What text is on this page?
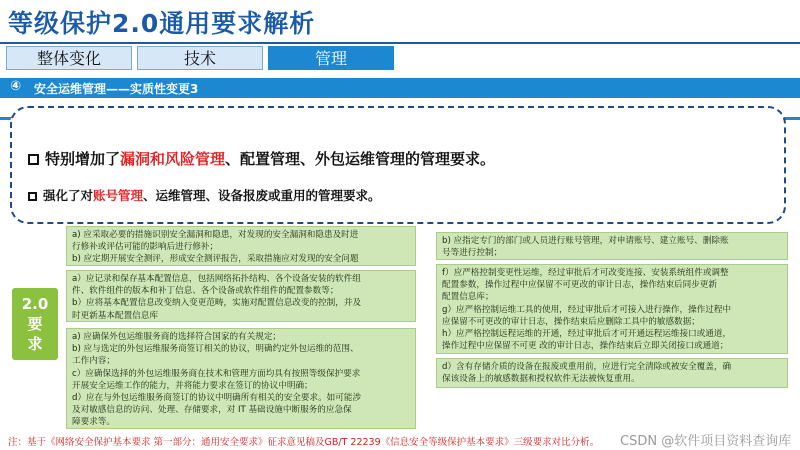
等级保护2.0通用要求解析
整体变化	技术	管理
④ 安全运维管理——实质性变更3
特别增加了漏洞和风险管理、配置管理、外包运维管理的管理要求。
强化了对账号管理、运维管理、设备报废或重用的管理要求。
2.0
要
求

a) 应采取必要的措施识别安全漏洞和隐患，对发现的安全漏洞和隐患及时进

行修补或评估可能的影响后进行修补；

b) 应定期开展安全测评，形成安全测评报告，采取措施应对发现的安全问题

a）应记录和保存基本配置信息，包括网络拓扑结构、各个设备安装的软件组

件、软件组件的版本和补丁信息、各个设备或软件组件的配置参数等；

b）应将基本配置信息改变纳入变更范畴，实施对配置信息改变的控制，并及

时更新基本配置信息库

a) 应确保外包运维服务商的选择符合国家的有关规定；

b) 应与选定的外包运维服务商签订相关的协议，明确约定外包运维的范围、

工作内容；

c）应确保选择的外包运维服务商在技术和管理方面均具有按照等级保护要求

开展安全运维工作的能力，并将能力要求在签订的协议中明确；

d）应在与外包运维服务商签订的协议中明确所有相关的安全要求。如可能涉

及对敏感信息的访问、处理、存储要求，对 IT 基础设施中断服务的应急保

障要求等。

b) 应指定专门的部门或人员进行账号管理，对申请账号、建立账号、删除账

号等进行控制；

f）应严格控制变更性运维，经过审批后才可改变连接、安装系统组件或调整

配置参数，操作过程中应保留不可更改的审计日志，操作结束后同步更新

配置信息库；

g）应严格控制运维工具的使用，经过审批后才可接入进行操作，操作过程中

应保留不可更改的审计日志，操作结束后应删除工具中的敏感数据；

h）应严格控制远程运维的开通，经过审批后才可开通远程运维接口或通道，

操作过程中应保留不可更 改的审计日志，操作结束后立即关闭接口或通道；

d）含有存储介质的设备在报废或重用前，应进行完全清除或被安全覆盖，确

保该设备上的敏感数据和授权软件无法被恢复重用。

注：基于《网络安全保护基本要求 第一部分：通用安全要求》征求意见稿及GB/T 22239《信息安全等级保护基本要求》三级要求对比分析。 CSDN @软件项目资料查询库
